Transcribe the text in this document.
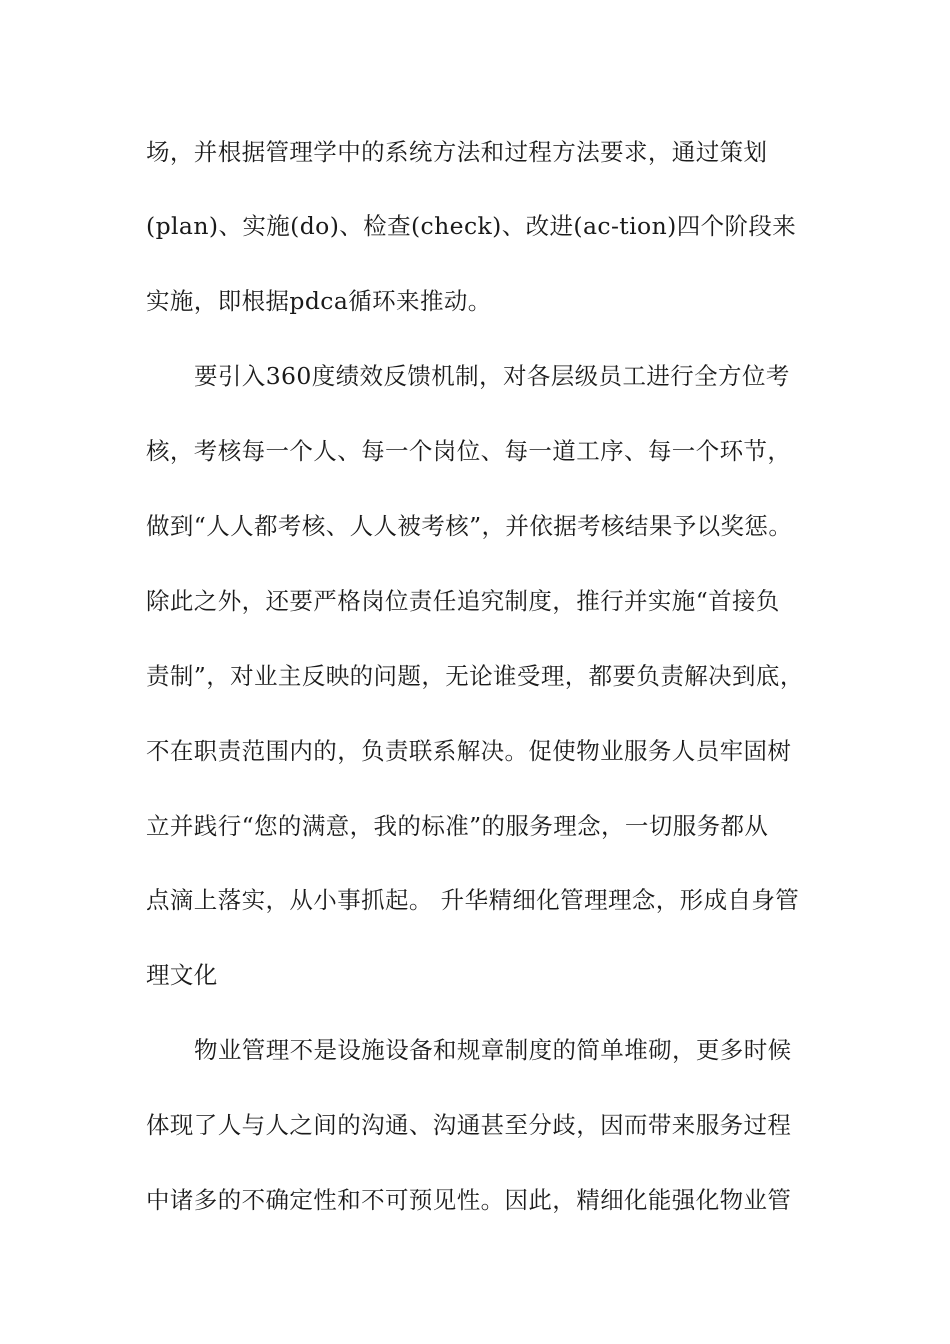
场，并根据管理学中的系统方法和过程方法要求，通过策划

(plan)、实施(do)、检查(check)、改进(ac-tion)四个阶段来

实施，即根据pdca循环来推动。

要引入360度绩效反馈机制，对各层级员工进行全方位考

核，考核每一个人、每一个岗位、每一道工序、每一个环节，

做到“人人都考核、人人被考核”，并依据考核结果予以奖惩。

除此之外，还要严格岗位责任追究制度，推行并实施“首接负

责制”，对业主反映的问题，无论谁受理，都要负责解决到底，

不在职责范围内的，负责联系解决。促使物业服务人员牢固树

立并践行“您的满意，我的标准”的服务理念，一切服务都从

点滴上落实，从小事抓起。 升华精细化管理理念，形成自身管

理文化

物业管理不是设施设备和规章制度的简单堆砌，更多时候

体现了人与人之间的沟通、沟通甚至分歧，因而带来服务过程

中诸多的不确定性和不可预见性。因此，精细化能强化物业管
